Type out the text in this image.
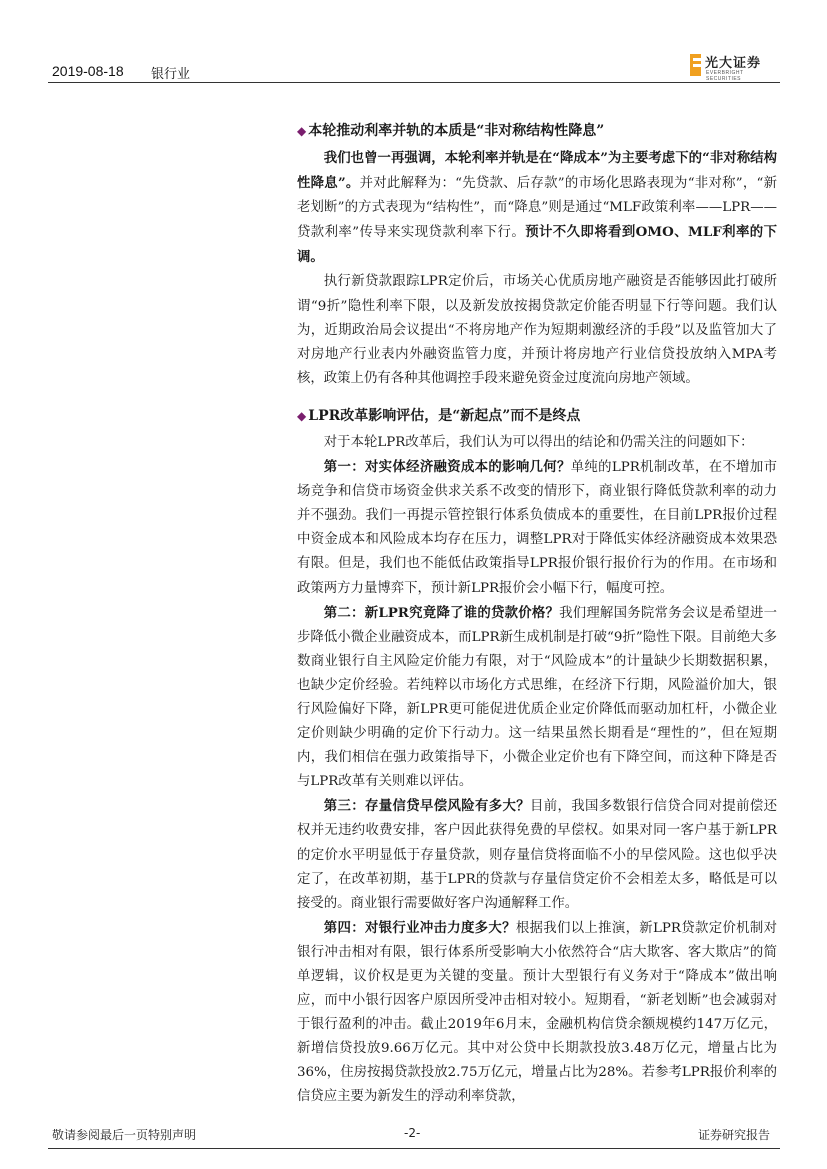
2019-08-18 银行业
光大证券
EVERBRIGHT SECURITIES
◆ 本轮推动利率并轨的本质是“非对称结构性降息”

我们也曾一再强调，本轮利率并轨是在“降成本”为主要考虑下的“非对称结构性降息”。并对此解释为：“先贷款、后存款”的市场化思路表现为“非对称”，“新老划断”的方式表现为“结构性”，而“降息”则是通过“MLF政策利率——LPR——贷款利率”传导来实现贷款利率下行。预计不久即将看到OMO、MLF利率的下调。

执行新贷款跟踪LPR定价后，市场关心优质房地产融资是否能够因此打破所谓“9折”隐性利率下限，以及新发放按揭贷款定价能否明显下行等问题。我们认为，近期政治局会议提出“不将房地产作为短期刺激经济的手段”以及监管加大了对房地产行业表内外融资监管力度，并预计将房地产行业信贷投放纳入MPA考核，政策上仍有各种其他调控手段来避免资金过度流向房地产领域。

◆ LPR改革影响评估，是“新起点”而不是终点

对于本轮LPR改革后，我们认为可以得出的结论和仍需关注的问题如下：

第一：对实体经济融资成本的影响几何？单纯的LPR机制改革，在不增加市场竞争和信贷市场资金供求关系不改变的情形下，商业银行降低贷款利率的动力并不强劲。我们一再提示管控银行体系负债成本的重要性，在目前LPR报价过程中资金成本和风险成本均存在压力，调整LPR对于降低实体经济融资成本效果恐有限。但是，我们也不能低估政策指导LPR报价银行报价行为的作用。在市场和政策两方力量博弈下，预计新LPR报价会小幅下行，幅度可控。

第二：新LPR究竟降了谁的贷款价格？我们理解国务院常务会议是希望进一步降低小微企业融资成本，而LPR新生成机制是打破“9折”隐性下限。目前绝大多数商业银行自主风险定价能力有限，对于“风险成本”的计量缺少长期数据积累，也缺少定价经验。若纯粹以市场化方式思维，在经济下行期，风险溢价加大，银行风险偏好下降，新LPR更可能促进优质企业定价降低而驱动加杠杆，小微企业定价则缺少明确的定价下行动力。这一结果虽然长期看是“理性的”，但在短期内，我们相信在强力政策指导下，小微企业定价也有下降空间，而这种下降是否与LPR改革有关则难以评估。

第三：存量信贷早偿风险有多大？目前，我国多数银行信贷合同对提前偿还权并无违约收费安排，客户因此获得免费的早偿权。如果对同一客户基于新LPR的定价水平明显低于存量贷款，则存量信贷将面临不小的早偿风险。这也似乎决定了，在改革初期，基于LPR的贷款与存量信贷定价不会相差太多，略低是可以接受的。商业银行需要做好客户沟通解释工作。

第四：对银行业冲击力度多大？根据我们以上推演，新LPR贷款定价机制对银行冲击相对有限，银行体系所受影响大小依然符合“店大欺客、客大欺店”的简单逻辑，议价权是更为关键的变量。预计大型银行有义务对于“降成本”做出响应，而中小银行因客户原因所受冲击相对较小。短期看，“新老划断”也会减弱对于银行盈利的冲击。截止2019年6月末，金融机构信贷余额规模约147万亿元，新增信贷投放9.66万亿元。其中对公贷中长期款投放3.48万亿元，增量占比为36%，住房按揭贷款投放2.75万亿元，增量占比为28%。若参考LPR报价利率的信贷应主要为新发生的浮动利率贷款，

敬请参阅最后一页特别声明	-2-	证券研究报告
